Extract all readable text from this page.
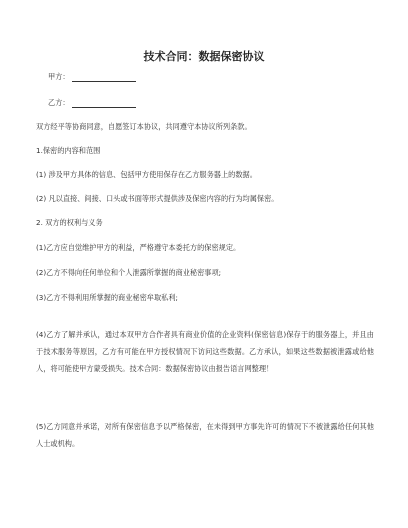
技术合同：数据保密协议
甲方：
乙方：
双方经平等协商同意，自愿签订本协议，共同遵守本协议所列条款。
1.保密的内容和范围
(1) 涉及甲方具体的信息、包括甲方使用保存在乙方服务器上的数据。
(2) 凡以直接、间接、口头或书面等形式提供涉及保密内容的行为均属保密。
2. 双方的权利与义务
(1)乙方应自觉维护甲方的利益，严格遵守本委托方的保密规定。
(2)乙方不得向任何单位和个人泄露所掌握的商业秘密事项;
(3)乙方不得利用所掌握的商业秘密牟取私利;
(4)乙方了解并承认，通过本双甲方合作者具有商业价值的企业资料(保密信息)保存于的服务器上，并且由于技术服务等原因，乙方有可能在甲方授权情况下访问这些数据。乙方承认，如果这些数据被泄露或给他人，将可能使甲方蒙受损失。技术合同：数据保密协议由报告语言网整理！
(5)乙方同意并承诺，对所有保密信息予以严格保密，在未得到甲方事先许可的情况下不被泄露给任何其他人士或机构。
